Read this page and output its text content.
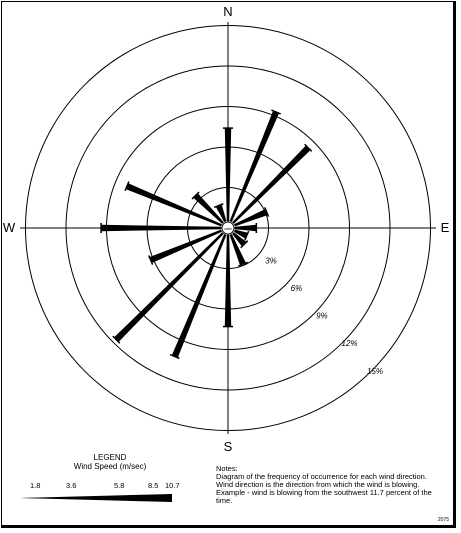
N
E
S
W
3%
6%
9%
12%
15%
calm
LEGEND
Wind Speed (m/sec)
1.8	3.6	5.8	8.5 10.7
Notes:
Diagram of the frequency of occurrence for each wind direction. Wind direction is the direction from which the wind is blowing. Example - wind is blowing from the southwest 11.7 percent of the time.
2075
